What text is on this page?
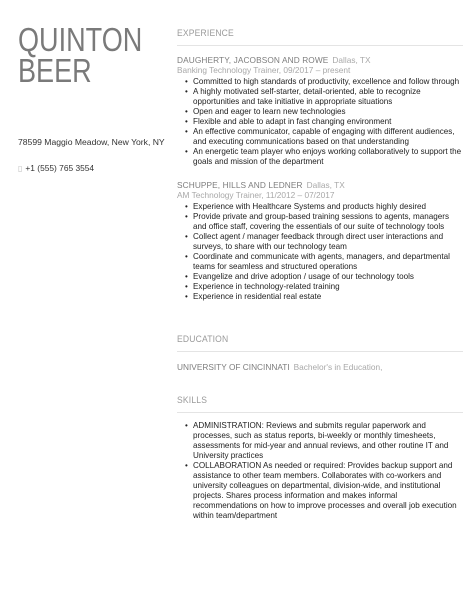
QUINTON
BEER
78599 Maggio Meadow, New York, NY
▯ +1 (555) 765 3554
EXPERIENCE
DAUGHERTY, JACOBSON AND ROWE Dallas, TX
Banking Technology Trainer, 09/2017 – present
• Committed to high standards of productivity, excellence and follow through
• A highly motivated self-starter, detail-oriented, able to recognize opportunities and take initiative in appropriate situations
• Open and eager to learn new technologies
• Flexible and able to adapt in fast changing environment
• An effective communicator, capable of engaging with different audiences, and executing communications based on that understanding
• An energetic team player who enjoys working collaboratively to support the goals and mission of the department
SCHUPPE, HILLS AND LEDNER Dallas, TX
AM Technology Trainer, 11/2012 – 07/2017
• Experience with Healthcare Systems and products highly desired
• Provide private and group-based training sessions to agents, managers and office staff, covering the essentials of our suite of technology tools
• Collect agent / manager feedback through direct user interactions and surveys, to share with our technology team
• Coordinate and communicate with agents, managers, and departmental teams for seamless and structured operations
• Evangelize and drive adoption / usage of our technology tools
• Experience in technology-related training
• Experience in residential real estate
EDUCATION
UNIVERSITY OF CINCINNATI Bachelor's in Education,
SKILLS
• ADMINISTRATION: Reviews and submits regular paperwork and processes, such as status reports, bi-weekly or monthly timesheets, assessments for mid-year and annual reviews, and other routine IT and University practices
• COLLABORATION As needed or required: Provides backup support and assistance to other team members. Collaborates with co-workers and university colleagues on departmental, division-wide, and institutional projects. Shares process information and makes informal recommendations on how to improve processes and overall job execution within team/department
